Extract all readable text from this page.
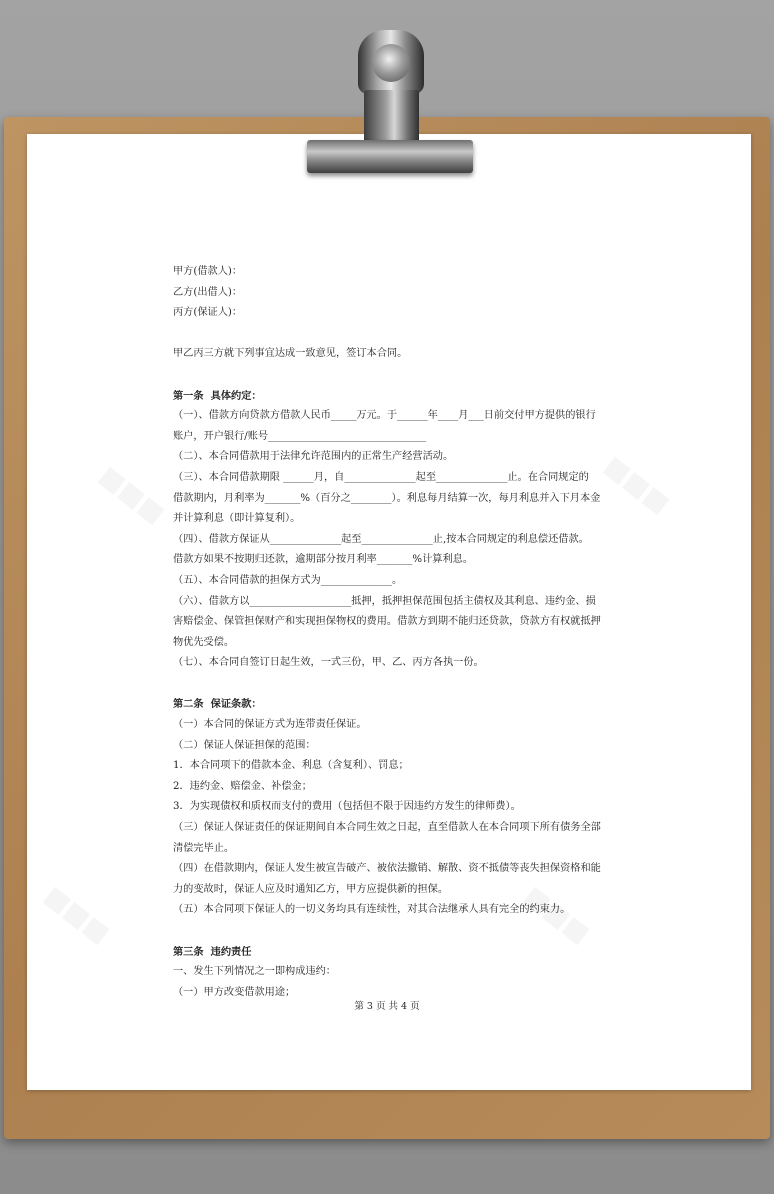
■■■	■■■
■■■	■■■

甲方(借款人)：

乙方(出借人)：

丙方(保证人)：

甲乙丙三方就下列事宜达成一致意见，签订本合同。

第一条  具体约定：

（一）、借款方向贷款方借款人民币_____万元。于______年____月___日前交付甲方提供的银行

账户，开户银行/账号_______________________________

（二）、本合同借款用于法律允许范围内的正常生产经营活动。

（三）、本合同借款期限 ______月，自______________起至______________止。在合同规定的

借款期内，月利率为_______%（百分之________）。利息每月结算一次，每月利息并入下月本金

并计算利息（即计算复利）。

（四）、借款方保证从______________起至______________止,按本合同规定的利息偿还借款。

借款方如果不按期归还款，逾期部分按月利率_______%计算利息。

（五）、本合同借款的担保方式为______________。

（六）、借款方以____________________抵押，抵押担保范围包括主债权及其利息、违约金、损

害赔偿金、保管担保财产和实现担保物权的费用。借款方到期不能归还贷款，贷款方有权就抵押

物优先受偿。

（七）、本合同自签订日起生效，一式三份，甲、乙、丙方各执一份。

第二条  保证条款：

（一）本合同的保证方式为连带责任保证。

（二）保证人保证担保的范围：

1．本合同项下的借款本金、利息（含复利）、罚息；

2．违约金、赔偿金、补偿金；

3．为实现债权和质权而支付的费用（包括但不限于因违约方发生的律师费）。

（三）保证人保证责任的保证期间自本合同生效之日起，直至借款人在本合同项下所有债务全部

清偿完毕止。

（四）在借款期内，保证人发生被宣告破产、被依法撤销、解散、资不抵债等丧失担保资格和能

力的变故时，保证人应及时通知乙方，甲方应提供新的担保。

（五）本合同项下保证人的一切义务均具有连续性，对其合法继承人具有完全的约束力。

第三条  违约责任

一、发生下列情况之一即构成违约：

（一）甲方改变借款用途；

第 3 页 共 4 页
